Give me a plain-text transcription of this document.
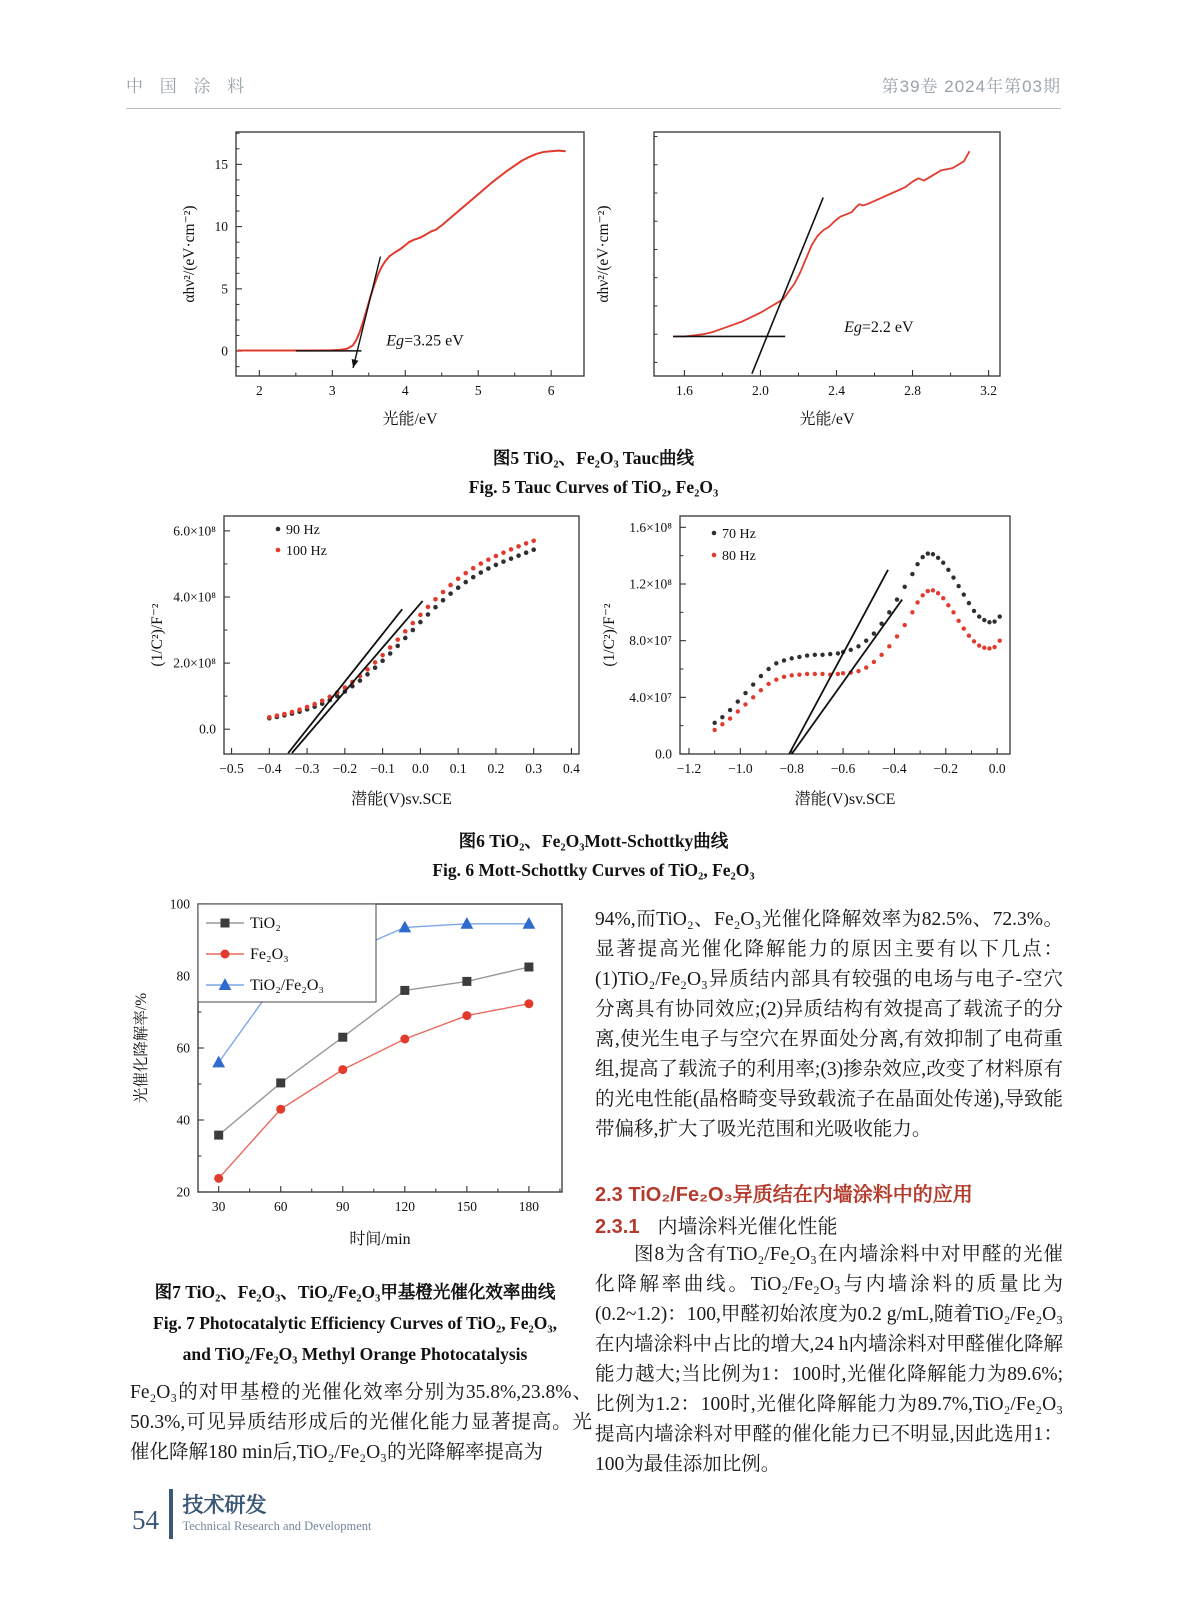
中 国 涂 料	第39卷 2024年第03期
2	3	4	5	6
0
5
10
15
Eg=3.25 eV
光能/eV
αhν²/(eV·cm⁻²)
1.6	2.0	2.4	2.8	3.2
Eg=2.2 eV
光能/eV
αhν²/(eV·cm⁻²)
图5 TiO₂、Fe₂O₃ Tauc曲线
Fig. 5 Tauc Curves of TiO₂, Fe₂O₃
−0.5 −0.4 −0.3 −0.2 −0.1 0.0 0.1 0.2 0.3 0.4
0.0
2.0×10⁸
4.0×10⁸
6.0×10⁸
潜能(V)sv.SCE
(1/C²)/F⁻²
90 Hz
100 Hz
−1.2 −1.0 −0.8 −0.6 −0.4 −0.2 0.0
0.0
4.0×10⁷
8.0×10⁷
1.2×10⁸
1.6×10⁸
潜能(V)sv.SCE
(1/C²)/F⁻²
70 Hz
80 Hz
图6 TiO₂、Fe₂O₃Mott-Schottky曲线
Fig. 6 Mott-Schottky Curves of TiO₂, Fe₂O₃
30	60	90	120	150	180
20
40
60
80
100
时间/min
光催化降解率/%
TiO₂
Fe₂O₃
TiO₂/Fe₂O₃
图7 TiO₂、Fe₂O₃、TiO₂/Fe₂O₃甲基橙光催化效率曲线
Fig. 7 Photocatalytic Efficiency Curves of TiO₂, Fe₂O₃,
and TiO₂/Fe₂O₃ Methyl Orange Photocatalysis
Fe₂O₃的对甲基橙的光催化效率分别为35.8%,23.8%、50.3%,可见异质结形成后的光催化能力显著提高。光催化降解180 min后,TiO₂/Fe₂O₃的光降解率提高为
94%,而TiO₂、Fe₂O₃光催化降解效率为82.5%、72.3%。显著提高光催化降解能力的原因主要有以下几点：(1)TiO₂/Fe₂O₃异质结内部具有较强的电场与电子-空穴分离具有协同效应;(2)异质结构有效提高了载流子的分离,使光生电子与空穴在界面处分离,有效抑制了电荷重组,提高了载流子的利用率;(3)掺杂效应,改变了材料原有的光电性能(晶格畸变导致载流子在晶面处传递),导致能带偏移,扩大了吸光范围和光吸收能力。
2.3 TiO₂/Fe₂O₃异质结在内墙涂料中的应用
2.3.1 内墙涂料光催化性能
图8为含有TiO₂/Fe₂O₃在内墙涂料中对甲醛的光催化降解率曲线。TiO₂/Fe₂O₃与内墙涂料的质量比为(0.2~1.2)：100,甲醛初始浓度为0.2 g/mL,随着TiO₂/Fe₂O₃在内墙涂料中占比的增大,24 h内墙涂料对甲醛催化降解能力越大;当比例为1：100时,光催化降解能力为89.6%;比例为1.2：100时,光催化降解能力为89.7%,TiO₂/Fe₂O₃提高内墙涂料对甲醛的催化能力已不明显,因此选用1：100为最佳添加比例。
54 技术研发
Technical Research and Development
